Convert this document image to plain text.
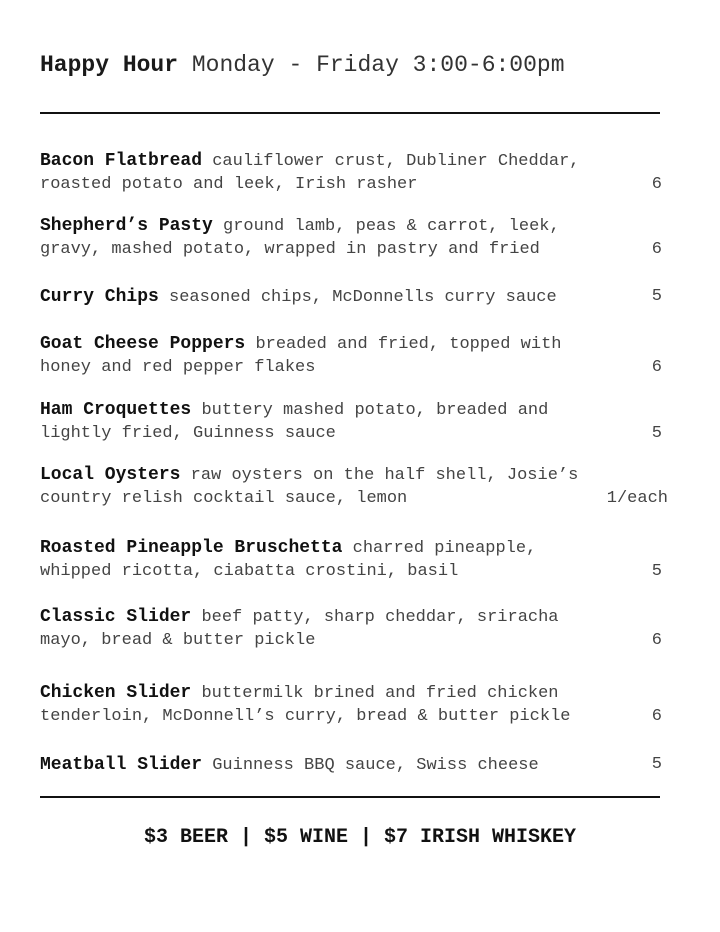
Happy Hour Monday - Friday 3:00-6:00pm
Bacon Flatbread cauliflower crust, Dubliner Cheddar,
roasted potato and leek, Irish rasher	6
Shepherd’s Pasty ground lamb, peas & carrot, leek,
gravy, mashed potato, wrapped in pastry and fried	6
Curry Chips seasoned chips, McDonnells curry sauce	5
Goat Cheese Poppers breaded and fried, topped with
honey and red pepper flakes	6
Ham Croquettes buttery mashed potato, breaded and
lightly fried, Guinness sauce	5
Local Oysters raw oysters on the half shell, Josie’s
country relish cocktail sauce, lemon	1/each
Roasted Pineapple Bruschetta charred pineapple,
whipped ricotta, ciabatta crostini, basil	5
Classic Slider beef patty, sharp cheddar, sriracha
mayo, bread & butter pickle	6
Chicken Slider buttermilk brined and fried chicken
tenderloin, McDonnell’s curry, bread & butter pickle	6
Meatball Slider Guinness BBQ sauce, Swiss cheese	5
$3 BEER | $5 WINE | $7 IRISH WHISKEY
